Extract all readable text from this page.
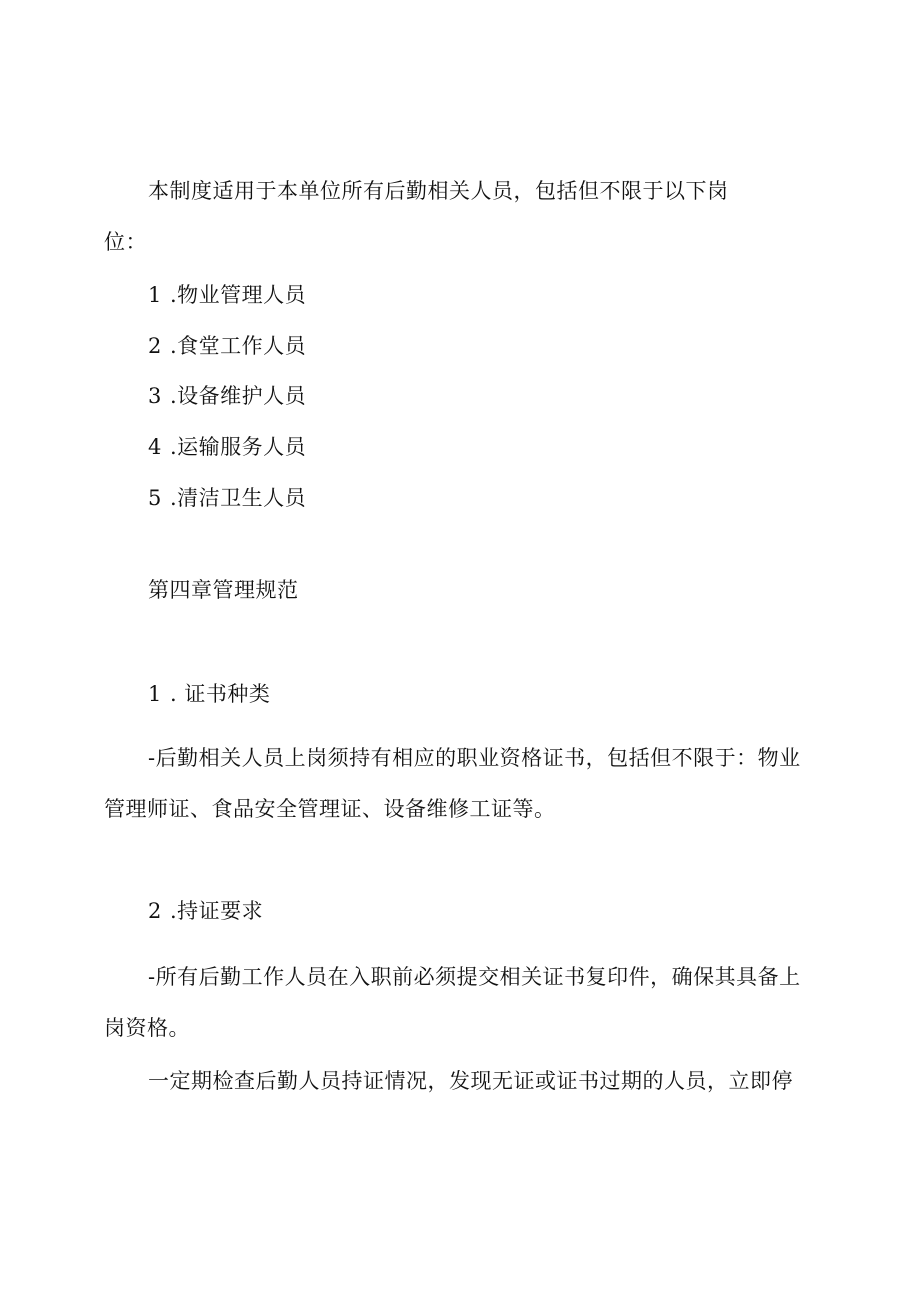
本制度适用于本单位所有后勤相关人员，包括但不限于以下岗
位：
1 .物业管理人员
2 .食堂工作人员
3 .设备维护人员
4 .运输服务人员
5 .清洁卫生人员
第四章管理规范
1 . 证书种类
-后勤相关人员上岗须持有相应的职业资格证书，包括但不限于：物业
管理师证、食品安全管理证、设备维修工证等。
2 .持证要求
-所有后勤工作人员在入职前必须提交相关证书复印件，确保其具备上
岗资格。
一定期检查后勤人员持证情况，发现无证或证书过期的人员，立即停
